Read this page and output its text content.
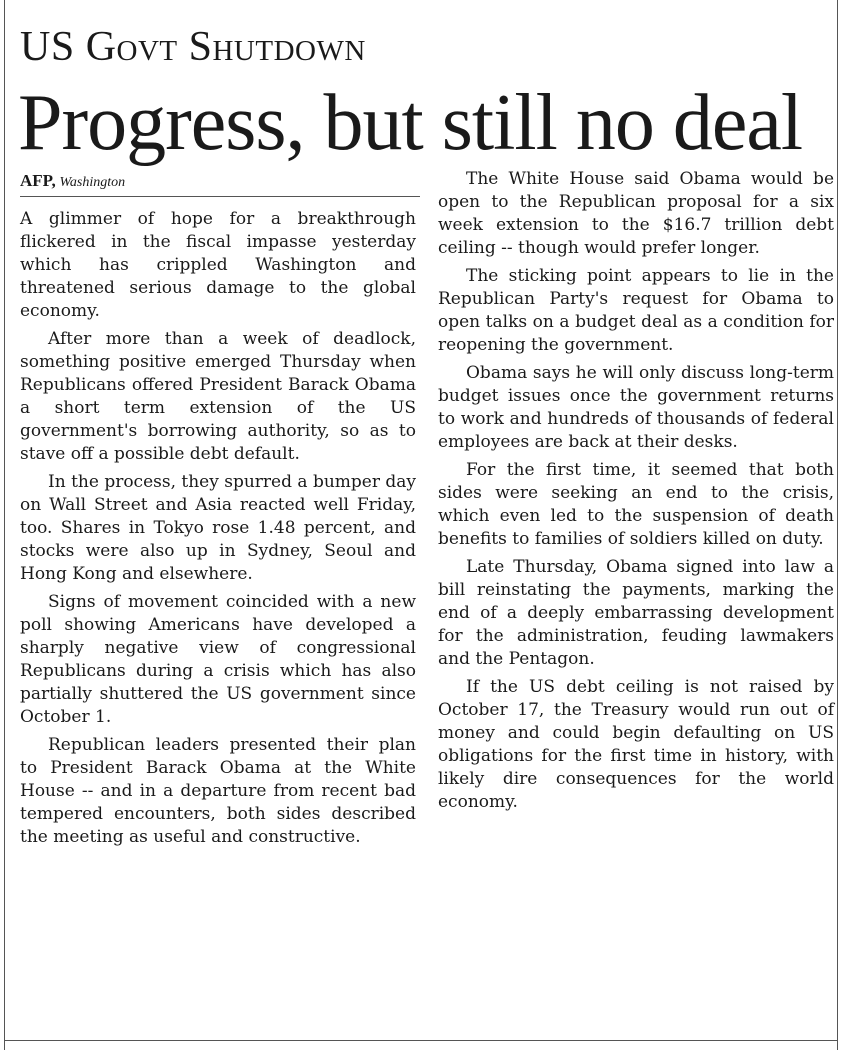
US Govt Shutdown
Progress, but still no deal
AFP, Washington

A glimmer of hope for a breakthrough flickered in the fiscal impasse yesterday which has crippled Washington and threatened serious damage to the global economy.

After more than a week of deadlock, something positive emerged Thursday when Republicans offered President Barack Obama a short term extension of the US government's borrowing authority, so as to stave off a possible debt default.

In the process, they spurred a bumper day on Wall Street and Asia reacted well Friday, too. Shares in Tokyo rose 1.48 percent, and stocks were also up in Sydney, Seoul and Hong Kong and elsewhere.

Signs of movement coincided with a new poll showing Americans have developed a sharply negative view of congressional Republicans during a crisis which has also partially shuttered the US government since October 1.

Republican leaders presented their plan to President Barack Obama at the White House -- and in a departure from recent bad tempered encounters, both sides described the meeting as useful and constructive.

The White House said Obama would be open to the Republican proposal for a six week extension to the $16.7 trillion debt ceiling -- though would prefer longer.

The sticking point appears to lie in the Republican Party's request for Obama to open talks on a budget deal as a condition for reopening the government.

Obama says he will only discuss long-term budget issues once the government returns to work and hundreds of thousands of federal employees are back at their desks.

For the first time, it seemed that both sides were seeking an end to the crisis, which even led to the suspension of death benefits to families of soldiers killed on duty.

Late Thursday, Obama signed into law a bill reinstating the payments, marking the end of a deeply embarrassing development for the administration, feuding lawmakers and the Pentagon.

If the US debt ceiling is not raised by October 17, the Treasury would run out of money and could begin defaulting on US obligations for the first time in history, with likely dire consequences for the world economy.
